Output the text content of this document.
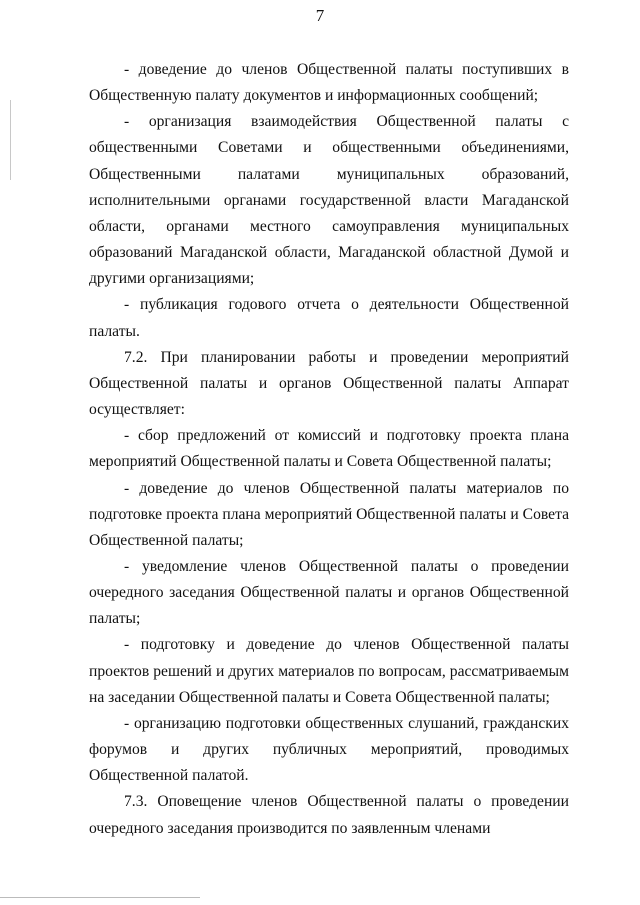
7

- доведение до членов Общественной палаты поступивших в Общественную палату документов и информационных сообщений;

- организация взаимодействия Общественной палаты с общественными Советами и общественными объединениями, Общественными палатами муниципальных образований, исполнительными органами государственной власти Магаданской области, органами местного самоуправления муниципальных образований Магаданской области, Магаданской областной Думой и другими организациями;

- публикация годового отчета о деятельности Общественной палаты.

7.2. При планировании работы и проведении мероприятий Общественной палаты и органов Общественной палаты Аппарат осуществляет:

- сбор предложений от комиссий и подготовку проекта плана мероприятий Общественной палаты и Совета Общественной палаты;

- доведение до членов Общественной палаты материалов по подготовке проекта плана мероприятий Общественной палаты и Совета Общественной палаты;

- уведомление членов Общественной палаты о проведении очередного заседания Общественной палаты и органов Общественной палаты;

- подготовку и доведение до членов Общественной палаты проектов решений и других материалов по вопросам, рассматриваемым на заседании Общественной палаты и Совета Общественной палаты;

- организацию подготовки общественных слушаний, гражданских форумов и других публичных мероприятий, проводимых Общественной палатой.

7.3. Оповещение членов Общественной палаты о проведении очередного заседания производится по заявленным членами
